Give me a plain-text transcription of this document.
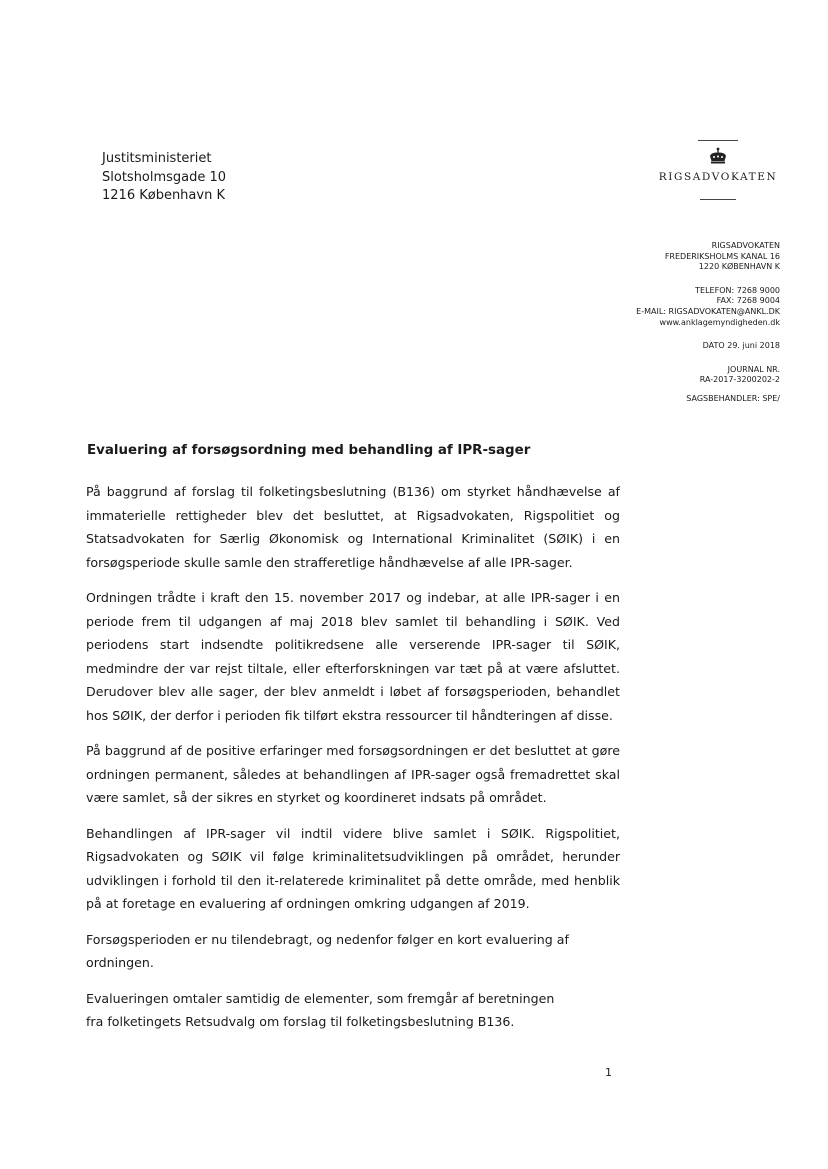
Justitsministeriet
Slotsholmsgade 10
1216 København K
RIGSADVOKATEN
RIGSADVOKATEN
FREDERIKSHOLMS KANAL 16
1220 KØBENHAVN K
TELEFON: 7268 9000
FAX: 7268 9004
E-MAIL: RIGSADVOKATEN@ANKL.DK
www.anklagemyndigheden.dk
DATO 29. juni 2018
JOURNAL NR.
RA-2017-3200202-2
SAGSBEHANDLER: SPE/
Evaluering af forsøgsordning med behandling af IPR-sager

På baggrund af forslag til folketingsbeslutning (B136) om styrket håndhævelse af immaterielle rettigheder blev det besluttet, at Rigsadvokaten, Rigspolitiet og Statsadvokaten for Særlig Økonomisk og International Kriminalitet (SØIK) i en forsøgsperiode skulle samle den strafferetlige håndhævelse af alle IPR-sager.

Ordningen trådte i kraft den 15. november 2017 og indebar, at alle IPR-sager i en periode frem til udgangen af maj 2018 blev samlet til behandling i SØIK. Ved periodens start indsendte politikredsene alle verserende IPR-sager til SØIK, medmindre der var rejst tiltale, eller efterforskningen var tæt på at være afsluttet. Derudover blev alle sager, der blev anmeldt i løbet af forsøgsperioden, behandlet hos SØIK, der derfor i perioden fik tilført ekstra ressourcer til håndteringen af disse.

På baggrund af de positive erfaringer med forsøgsordningen er det besluttet at gøre ordningen permanent, således at behandlingen af IPR-sager også fremadrettet skal være samlet, så der sikres en styrket og koordineret indsats på området.

Behandlingen af IPR-sager vil indtil videre blive samlet i SØIK. Rigspolitiet, Rigsadvokaten og SØIK vil følge kriminalitetsudviklingen på området, herunder udviklingen i forhold til den it-relaterede kriminalitet på dette område, med henblik på at foretage en evaluering af ordningen omkring udgangen af 2019.

Forsøgsperioden er nu tilendebragt, og nedenfor følger en kort evaluering af ordningen.

Evalueringen omtaler samtidig de elementer, som fremgår af beretningen fra folketingets Retsudvalg om forslag til folketingsbeslutning B136.

1
